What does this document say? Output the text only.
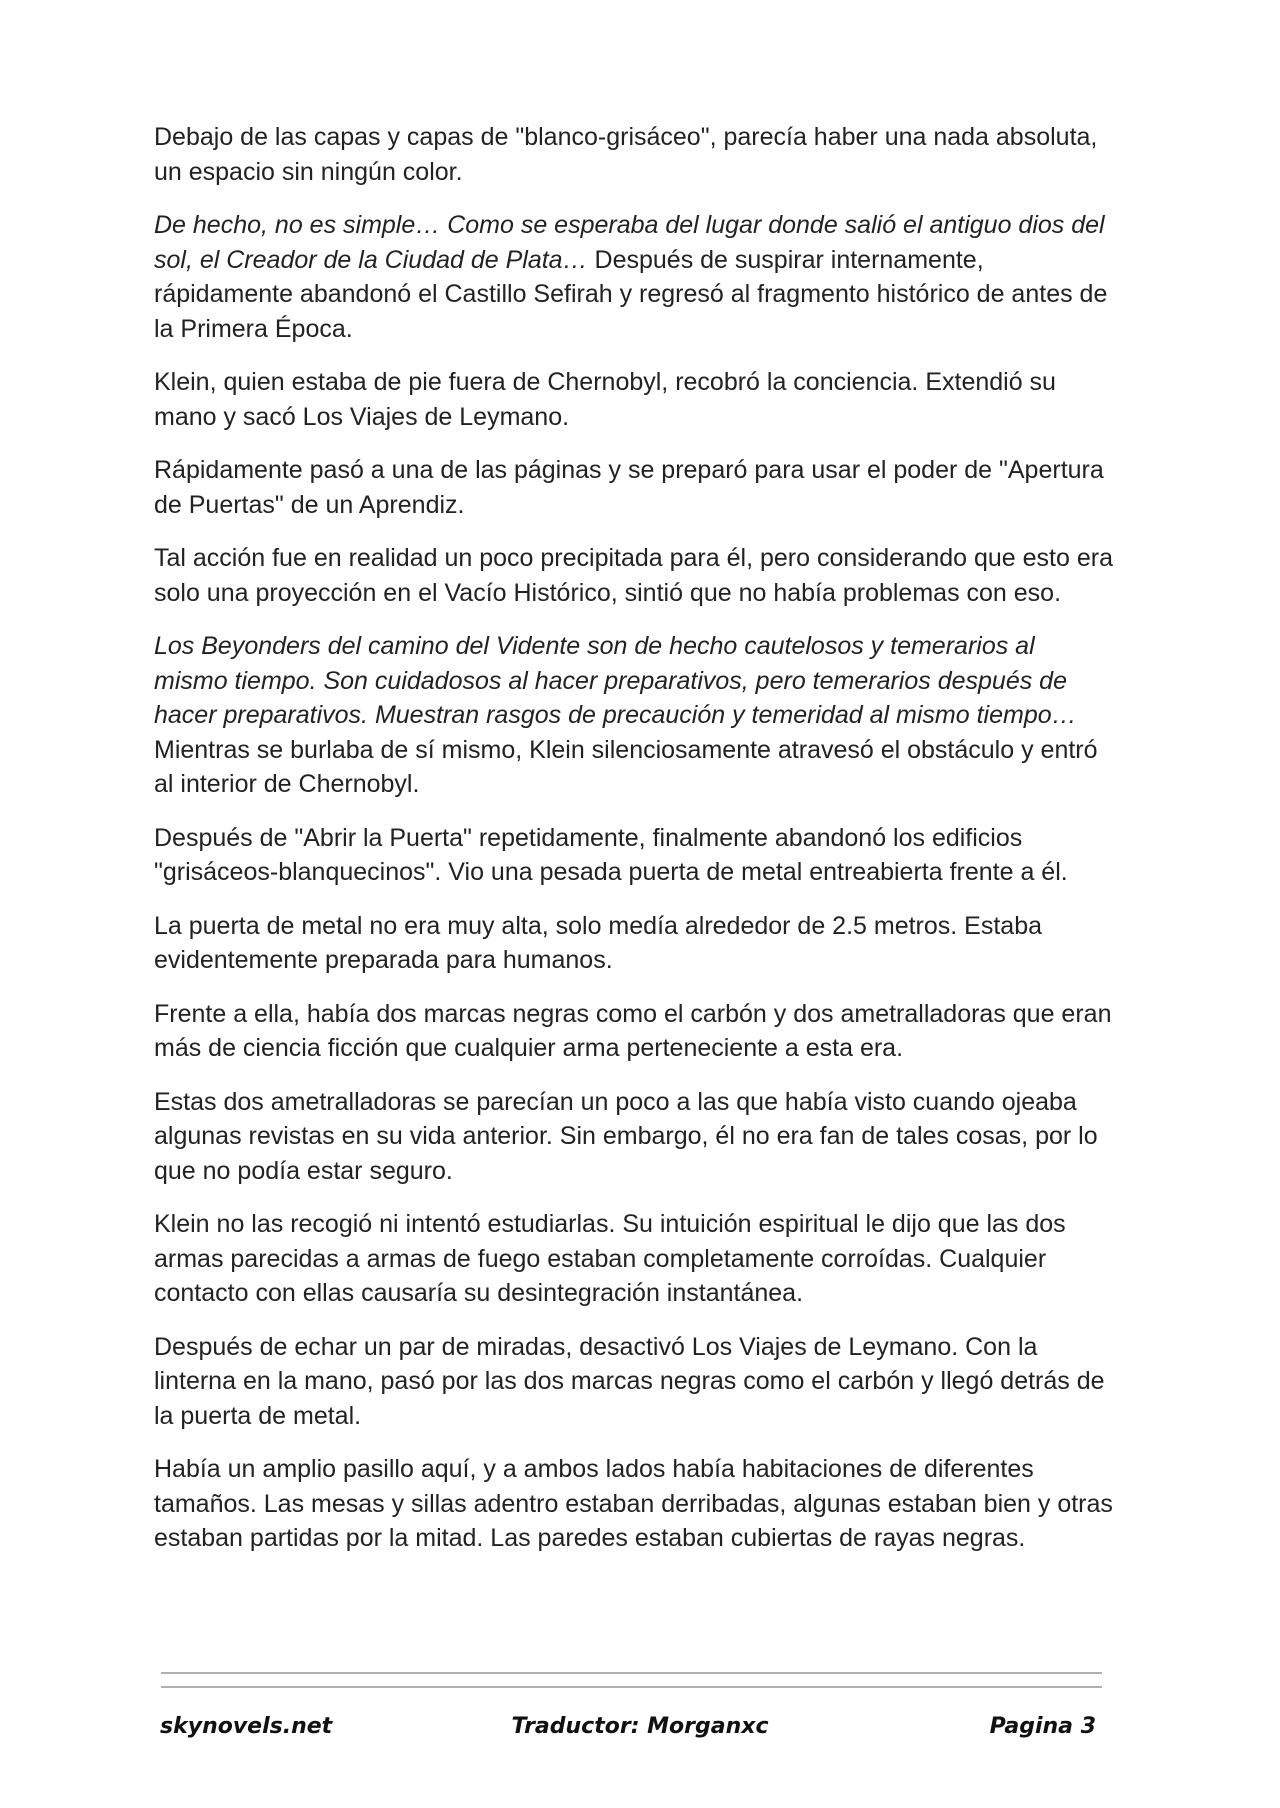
Debajo de las capas y capas de "blanco-grisáceo", parecía haber una nada absoluta, un espacio sin ningún color.

De hecho, no es simple… Como se esperaba del lugar donde salió el antiguo dios del sol, el Creador de la Ciudad de Plata… Después de suspirar internamente, rápidamente abandonó el Castillo Sefirah y regresó al fragmento histórico de antes de la Primera Época.

Klein, quien estaba de pie fuera de Chernobyl, recobró la conciencia. Extendió su mano y sacó Los Viajes de Leymano.

Rápidamente pasó a una de las páginas y se preparó para usar el poder de "Apertura de Puertas" de un Aprendiz.

Tal acción fue en realidad un poco precipitada para él, pero considerando que esto era solo una proyección en el Vacío Histórico, sintió que no había problemas con eso.

Los Beyonders del camino del Vidente son de hecho cautelosos y temerarios al mismo tiempo. Son cuidadosos al hacer preparativos, pero temerarios después de hacer preparativos. Muestran rasgos de precaución y temeridad al mismo tiempo… Mientras se burlaba de sí mismo, Klein silenciosamente atravesó el obstáculo y entró al interior de Chernobyl.

Después de "Abrir la Puerta" repetidamente, finalmente abandonó los edificios "grisáceos-blanquecinos". Vio una pesada puerta de metal entreabierta frente a él.

La puerta de metal no era muy alta, solo medía alrededor de 2.5 metros. Estaba evidentemente preparada para humanos.

Frente a ella, había dos marcas negras como el carbón y dos ametralladoras que eran más de ciencia ficción que cualquier arma perteneciente a esta era.

Estas dos ametralladoras se parecían un poco a las que había visto cuando ojeaba algunas revistas en su vida anterior. Sin embargo, él no era fan de tales cosas, por lo que no podía estar seguro.

Klein no las recogió ni intentó estudiarlas. Su intuición espiritual le dijo que las dos armas parecidas a armas de fuego estaban completamente corroídas. Cualquier contacto con ellas causaría su desintegración instantánea.

Después de echar un par de miradas, desactivó Los Viajes de Leymano. Con la linterna en la mano, pasó por las dos marcas negras como el carbón y llegó detrás de la puerta de metal.

Había un amplio pasillo aquí, y a ambos lados había habitaciones de diferentes tamaños. Las mesas y sillas adentro estaban derribadas, algunas estaban bien y otras estaban partidas por la mitad. Las paredes estaban cubiertas de rayas negras.

skynovels.net	Traductor: Morganxc	Pagina 3
